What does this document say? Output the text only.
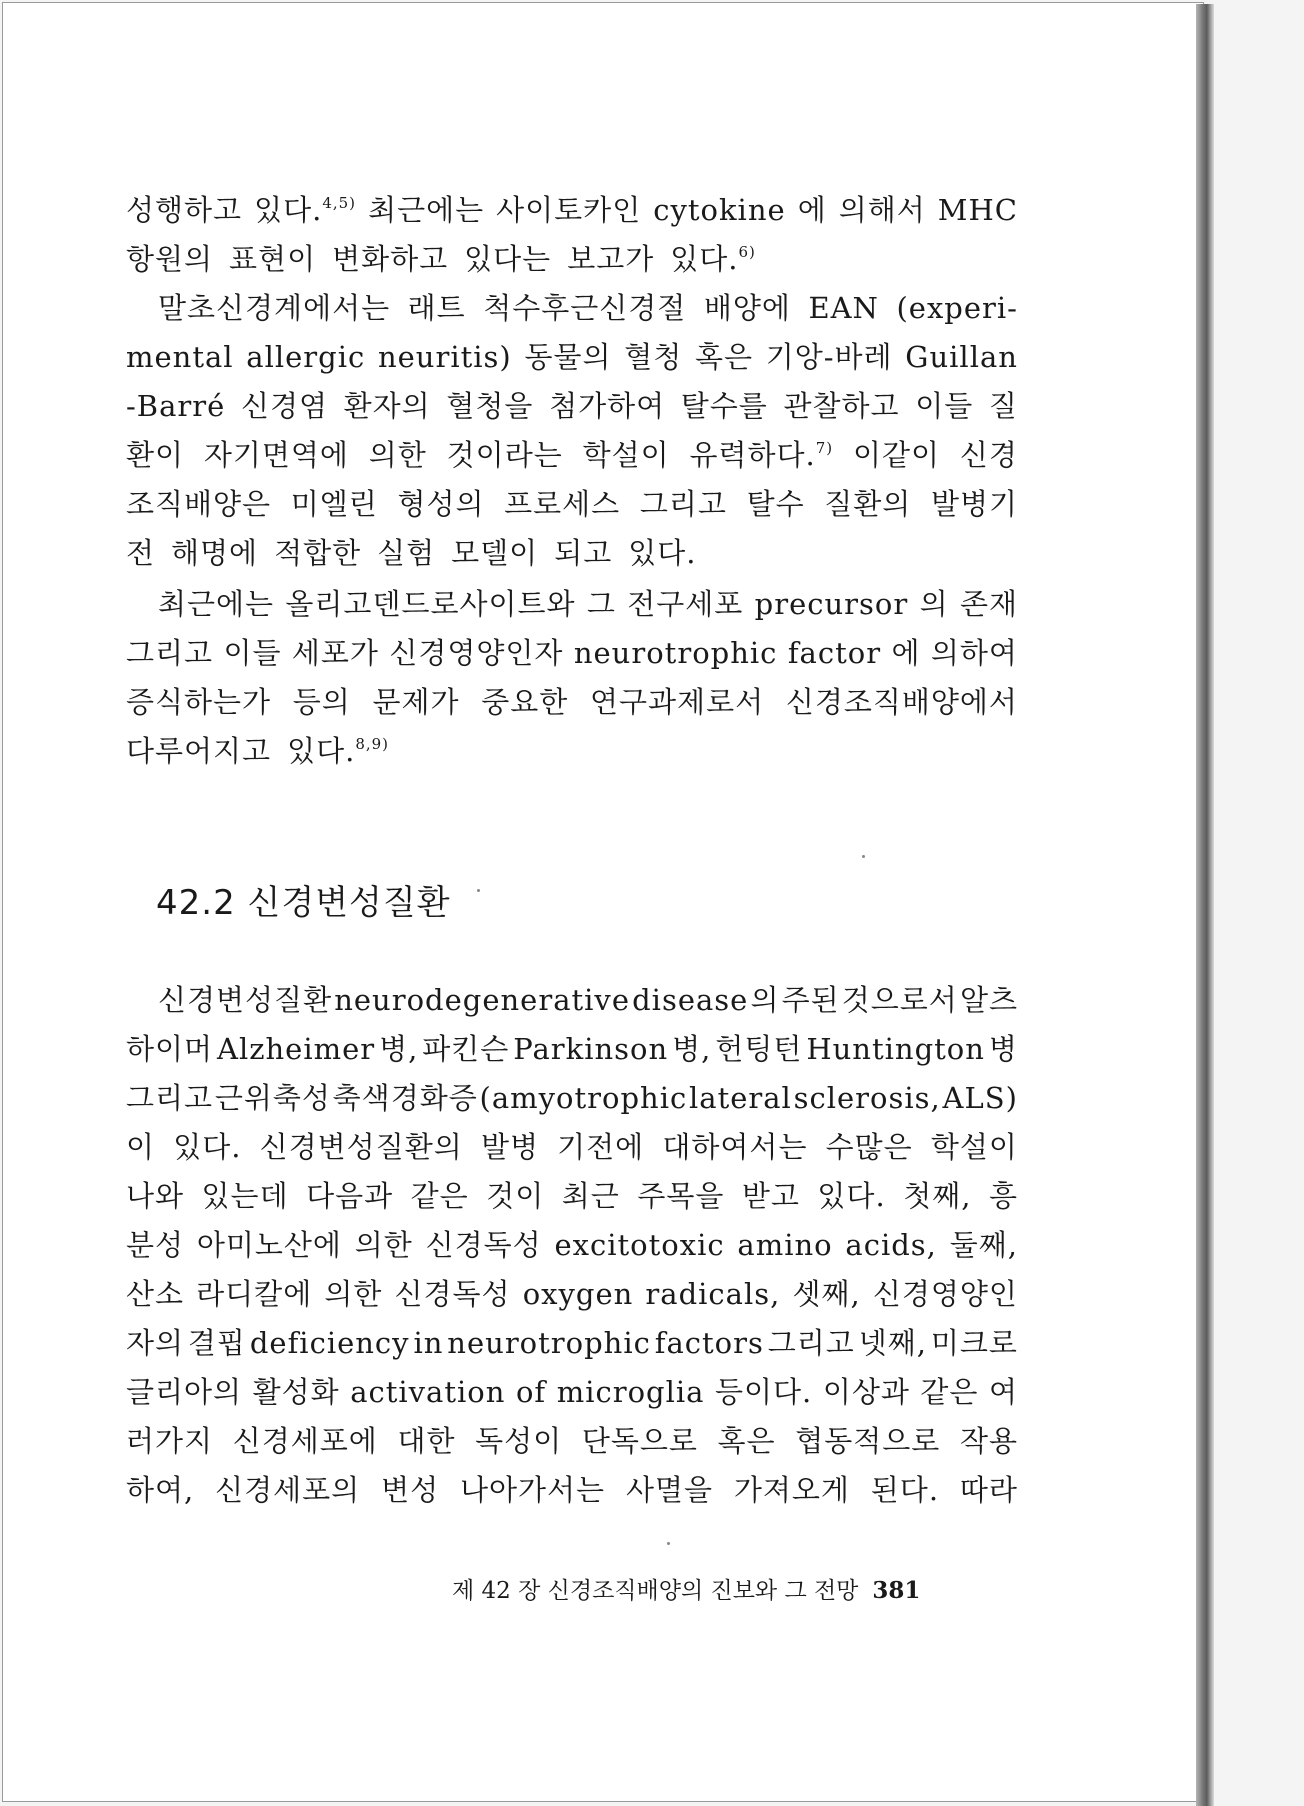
성행하고 있다.$^{4,5)}$ 최근에는 사이토카인 cytokine 에 의해서 MHC
항원의 표현이 변화하고 있다는 보고가 있다.$^{6)}$
말초신경계에서는 래트 척수후근신경절 배양에 EAN (experi-
mental allergic neuritis) 동물의 혈청 혹은 기앙-바레 Guillan
-Barré 신경염 환자의 혈청을 첨가하여 탈수를 관찰하고 이들 질
환이 자기면역에 의한 것이라는 학설이 유력하다.$^{7)}$ 이같이 신경
조직배양은 미엘린 형성의 프로세스 그리고 탈수 질환의 발병기
전 해명에 적합한 실험 모델이 되고 있다.
최근에는 올리고덴드로사이트와 그 전구세포 precursor 의 존재
그리고 이들 세포가 신경영양인자 neurotrophic factor 에 의하여
증식하는가 등의 문제가 중요한 연구과제로서 신경조직배양에서
다루어지고 있다.$^{8,9)}$
42.2 신경변성질환
신경변성질환 neurodegenerative disease 의 주된 것으로서 알츠
하이머 Alzheimer 병, 파킨슨 Parkinson 병, 헌팅턴 Huntington 병
그리고 근위축성 축색경화증 (amyotrophic lateral sclerosis, ALS)
이 있다. 신경변성질환의 발병 기전에 대하여서는 수많은 학설이
나와 있는데 다음과 같은 것이 최근 주목을 받고 있다. 첫째, 흥
분성 아미노산에 의한 신경독성 excitotoxic amino acids, 둘째,
산소 라디칼에 의한 신경독성 oxygen radicals, 셋째, 신경영양인
자의 결핍 deficiency in neurotrophic factors 그리고 넷째, 미크로
글리아의 활성화 activation of microglia 등이다. 이상과 같은 여
러가지 신경세포에 대한 독성이 단독으로 혹은 협동적으로 작용
하여, 신경세포의 변성 나아가서는 사멸을 가져오게 된다. 따라
제 42 장 신경조직배양의 진보와 그 전망 381
